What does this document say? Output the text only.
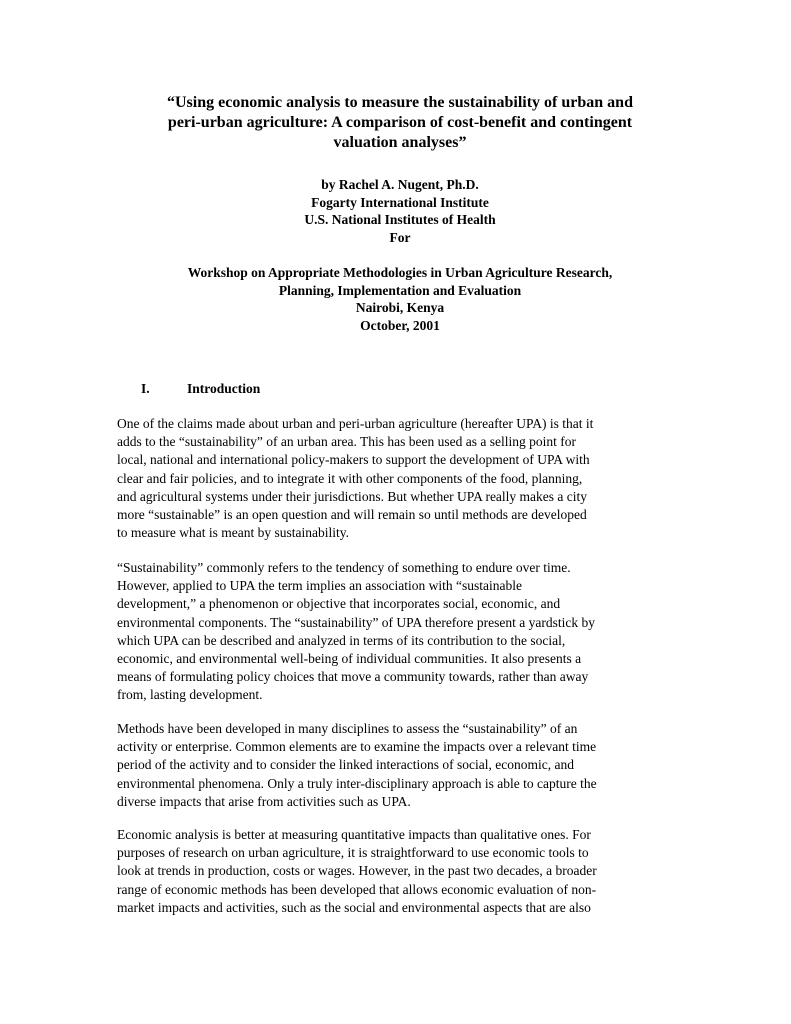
“Using economic analysis to measure the sustainability of urban and
peri-urban agriculture: A comparison of cost-benefit and contingent
valuation analyses”
by Rachel A. Nugent, Ph.D.
Fogarty International Institute
U.S. National Institutes of Health
For
Workshop on Appropriate Methodologies in Urban Agriculture Research,
Planning, Implementation and Evaluation
Nairobi, Kenya
October, 2001
I.	Introduction
One of the claims made about urban and peri-urban agriculture (hereafter UPA) is that it
adds to the “sustainability” of an urban area. This has been used as a selling point for
local, national and international policy-makers to support the development of UPA with
clear and fair policies, and to integrate it with other components of the food, planning,
and agricultural systems under their jurisdictions. But whether UPA really makes a city
more “sustainable” is an open question and will remain so until methods are developed
to measure what is meant by sustainability.
“Sustainability” commonly refers to the tendency of something to endure over time.
However, applied to UPA the term implies an association with “sustainable
development,” a phenomenon or objective that incorporates social, economic, and
environmental components. The “sustainability” of UPA therefore present a yardstick by
which UPA can be described and analyzed in terms of its contribution to the social,
economic, and environmental well-being of individual communities. It also presents a
means of formulating policy choices that move a community towards, rather than away
from, lasting development.
Methods have been developed in many disciplines to assess the “sustainability” of an
activity or enterprise. Common elements are to examine the impacts over a relevant time
period of the activity and to consider the linked interactions of social, economic, and
environmental phenomena. Only a truly inter-disciplinary approach is able to capture the
diverse impacts that arise from activities such as UPA.
Economic analysis is better at measuring quantitative impacts than qualitative ones. For
purposes of research on urban agriculture, it is straightforward to use economic tools to
look at trends in production, costs or wages. However, in the past two decades, a broader
range of economic methods has been developed that allows economic evaluation of non-
market impacts and activities, such as the social and environmental aspects that are also
